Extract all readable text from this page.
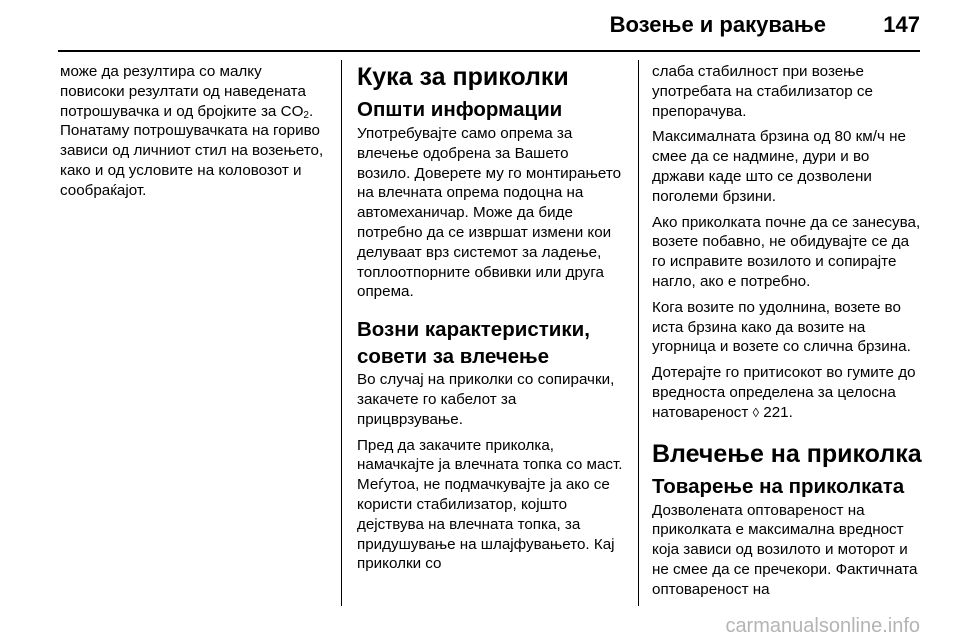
Возење и ракување	147

може да резултира со малку повисоки резултати од наведената потрошувачка и од бројките за $CO_2$. Понатаму потрошувачката на гориво зависи од личниот стил на возењето, како и од условите на коловозот и сообраќајот.

Кука за приколки
Општи информации

Употребувајте само опрема за влечење одобрена за Вашето возило. Доверете му го монтирањето на влечната опрема подоцна на автомеханичар. Може да биде потребно да се извршат измени кои делуваат врз системот за ладење, топлоотпорните обвивки или друга опрема.

Возни карактеристики, совети за влечење

Во случај на приколки со сопирачки, закачете го кабелот за прицврзување.

Пред да закачите приколка, намачкајте ја влечната топка со маст. Меѓутоа, не подмачкувајте ја ако се користи стабилизатор, којшто дејствува на влечната топка, за придушување на шлајфувањето. Кај приколки со

слаба стабилност при возење употребата на стабилизатор се препорачува.

Максималната брзина од 80 км/ч не смее да се надмине, дури и во држави каде што се дозволени поголеми брзини.

Ако приколката почне да се занесува, возете побавно, не обидувајте се да го исправите возилото и сопирајте нагло, ако е потребно.

Кога возите по удолнина, возете во иста брзина како да возите на угорница и возете со слична брзина.

Дотерајте го притисокот во гумите до вредноста определена за целосна натовареност ◊ 221.

Влечење на приколка
Товарење на приколката

Дозволената оптовареност на приколката е максимална вредност која зависи од возилото и моторот и не смее да се пречекори. Фактичната оптовареност на

carmanualsonline.info
